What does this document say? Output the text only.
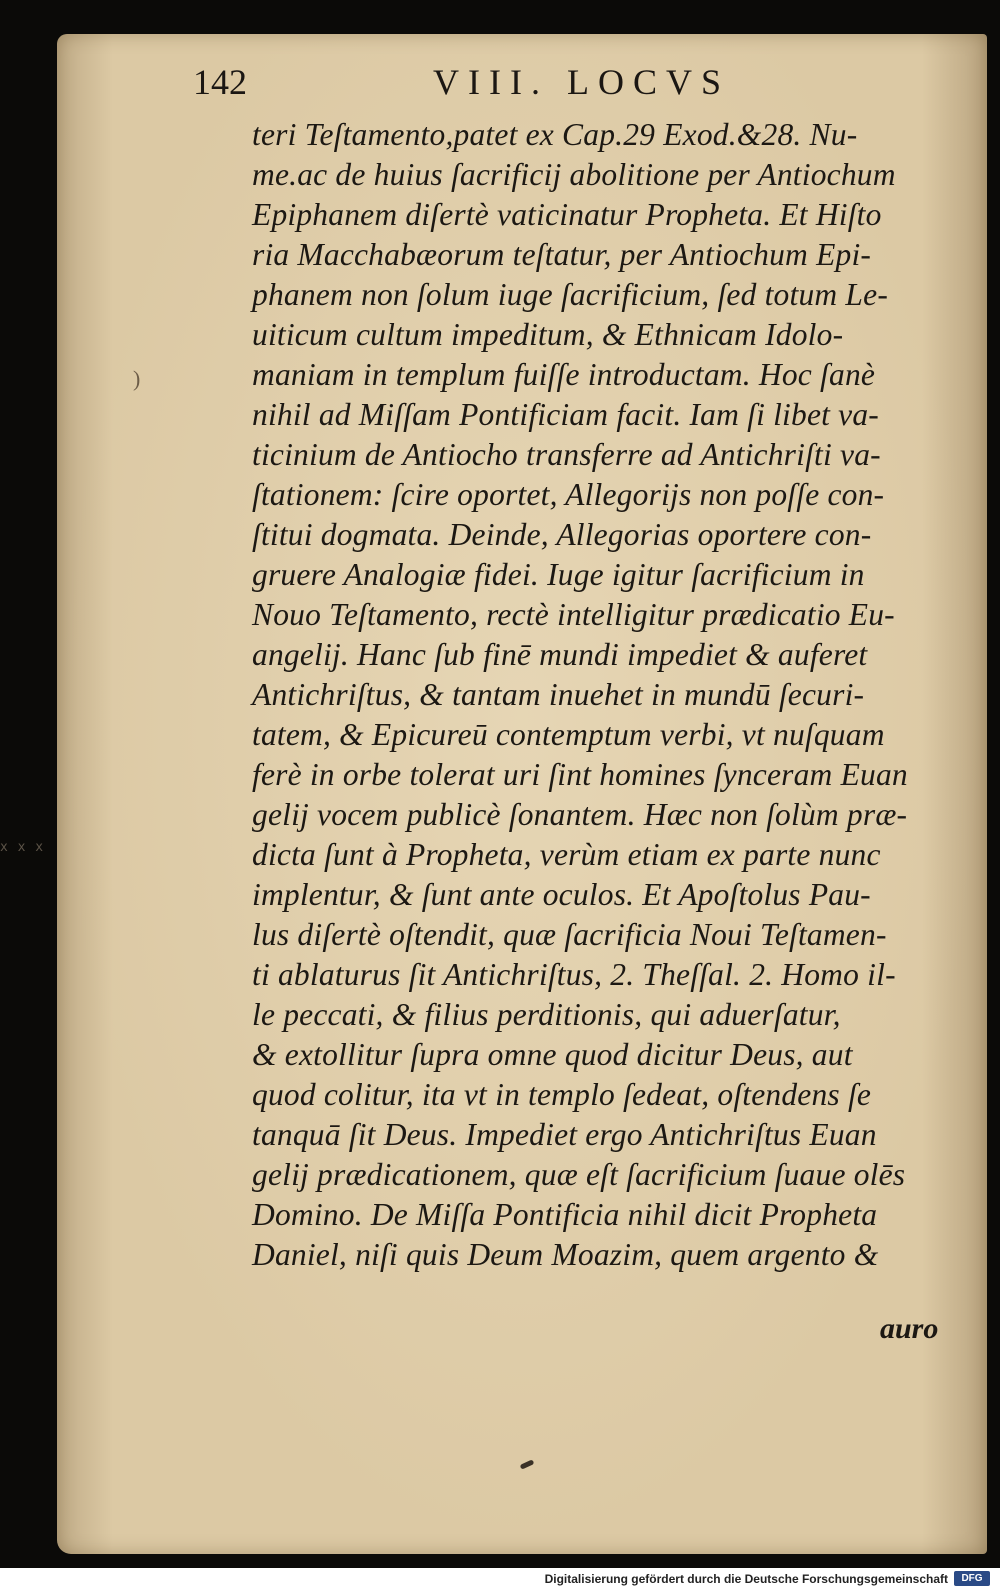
x x x
142	VIII. LOCVS
)
teri Teſtamento,patet ex Cap.29 Exod.&28. Nu-
me.ac de huius ſacrificij abolitione per Antiochum
Epiphanem diſertè vaticinatur Propheta. Et Hiſto
ria Macchabæorum teſtatur, per Antiochum Epi-
phanem non ſolum iuge ſacrificium, ſed totum Le-
uiticum cultum impeditum, & Ethnicam Idolo-
maniam in templum fuiſſe introductam. Hoc ſanè
nihil ad Miſſam Pontificiam facit. Iam ſi libet va-
ticinium de Antiocho transferre ad Antichriſti va-
ſtationem: ſcire oportet, Allegorijs non poſſe con-
ſtitui dogmata. Deinde, Allegorias oportere con-
gruere Analogiæ fidei. Iuge igitur ſacrificium in
Nouo Teſtamento, rectè intelligitur prædicatio Eu-
angelij. Hanc ſub finē mundi impediet & auferet
Antichriſtus, & tantam inuehet in mundū ſecuri-
tatem, & Epicureū contemptum verbi, vt nuſquam
ferè in orbe tolerat uri ſint homines ſynceram Euan
gelij vocem publicè ſonantem. Hæc non ſolùm præ-
dicta ſunt à Propheta, verùm etiam ex parte nunc
implentur, & ſunt ante oculos. Et Apoſtolus Pau-
lus diſertè oſtendit, quæ ſacrificia Noui Teſtamen-
ti ablaturus ſit Antichriſtus, 2. Theſſal. 2. Homo il-
le peccati, & filius perditionis, qui aduerſatur,
& extollitur ſupra omne quod dicitur Deus, aut
quod colitur, ita vt in templo ſedeat, oſtendens ſe
tanquā ſit Deus. Impediet ergo Antichriſtus Euan
gelij prædicationem, quæ eſt ſacrificium ſuaue olēs
Domino. De Miſſa Pontificia nihil dicit Propheta
Daniel, niſi quis Deum Moazim, quem argento &
auro
Digitalisierung gefördert durch die Deutsche Forschungsgemeinschaft	DFG
